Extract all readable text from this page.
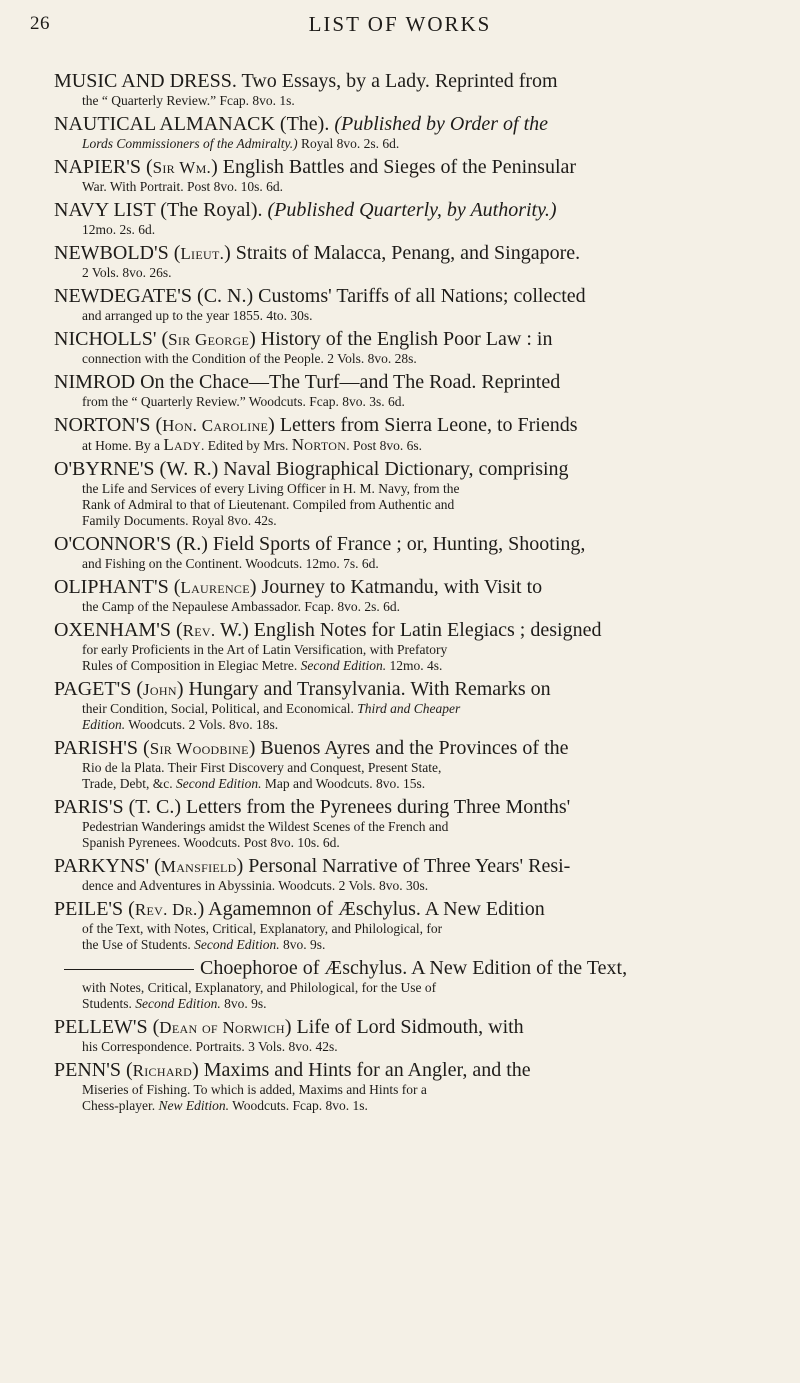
26	LIST OF WORKS
MUSIC AND DRESS. Two Essays, by a Lady. Reprinted from
the “ Quarterly Review.” Fcap. 8vo. 1s.
NAUTICAL ALMANACK (The). (Published by Order of the
Lords Commissioners of the Admiralty.) Royal 8vo. 2s. 6d.
NAPIER'S (Sir Wm.) English Battles and Sieges of the Peninsular
War. With Portrait. Post 8vo. 10s. 6d.
NAVY LIST (The Royal). (Published Quarterly, by Authority.)
12mo. 2s. 6d.
NEWBOLD'S (Lieut.) Straits of Malacca, Penang, and Singapore.
2 Vols. 8vo. 26s.
NEWDEGATE'S (C. N.) Customs' Tariffs of all Nations; collected
and arranged up to the year 1855. 4to. 30s.
NICHOLLS' (Sir George) History of the English Poor Law : in
connection with the Condition of the People. 2 Vols. 8vo. 28s.
NIMROD On the Chace—The Turf—and The Road. Reprinted
from the “ Quarterly Review.” Woodcuts. Fcap. 8vo. 3s. 6d.
NORTON'S (Hon. Caroline) Letters from Sierra Leone, to Friends
at Home. By a Lady. Edited by Mrs. Norton. Post 8vo. 6s.
O'BYRNE'S (W. R.) Naval Biographical Dictionary, comprising
the Life and Services of every Living Officer in H. M. Navy, from the
Rank of Admiral to that of Lieutenant. Compiled from Authentic and
Family Documents. Royal 8vo. 42s.
O'CONNOR'S (R.) Field Sports of France ; or, Hunting, Shooting,
and Fishing on the Continent. Woodcuts. 12mo. 7s. 6d.
OLIPHANT'S (Laurence) Journey to Katmandu, with Visit to
the Camp of the Nepaulese Ambassador. Fcap. 8vo. 2s. 6d.
OXENHAM'S (Rev. W.) English Notes for Latin Elegiacs ; designed
for early Proficients in the Art of Latin Versification, with Prefatory
Rules of Composition in Elegiac Metre. Second Edition. 12mo. 4s.
PAGET'S (John) Hungary and Transylvania. With Remarks on
their Condition, Social, Political, and Economical. Third and Cheaper
Edition. Woodcuts. 2 Vols. 8vo. 18s.
PARISH'S (Sir Woodbine) Buenos Ayres and the Provinces of the
Rio de la Plata. Their First Discovery and Conquest, Present State,
Trade, Debt, &c. Second Edition. Map and Woodcuts. 8vo. 15s.
PARIS'S (T. C.) Letters from the Pyrenees during Three Months'
Pedestrian Wanderings amidst the Wildest Scenes of the French and
Spanish Pyrenees. Woodcuts. Post 8vo. 10s. 6d.
PARKYNS' (Mansfield) Personal Narrative of Three Years' Resi-
dence and Adventures in Abyssinia. Woodcuts. 2 Vols. 8vo. 30s.
PEILE'S (Rev. Dr.) Agamemnon of Æschylus. A New Edition
of the Text, with Notes, Critical, Explanatory, and Philological, for
the Use of Students. Second Edition. 8vo. 9s.
Choephoroe of Æschylus. A New Edition of the Text,
with Notes, Critical, Explanatory, and Philological, for the Use of
Students. Second Edition. 8vo. 9s.
PELLEW'S (Dean of Norwich) Life of Lord Sidmouth, with
his Correspondence. Portraits. 3 Vols. 8vo. 42s.
PENN'S (Richard) Maxims and Hints for an Angler, and the
Miseries of Fishing. To which is added, Maxims and Hints for a
Chess-player. New Edition. Woodcuts. Fcap. 8vo. 1s.
